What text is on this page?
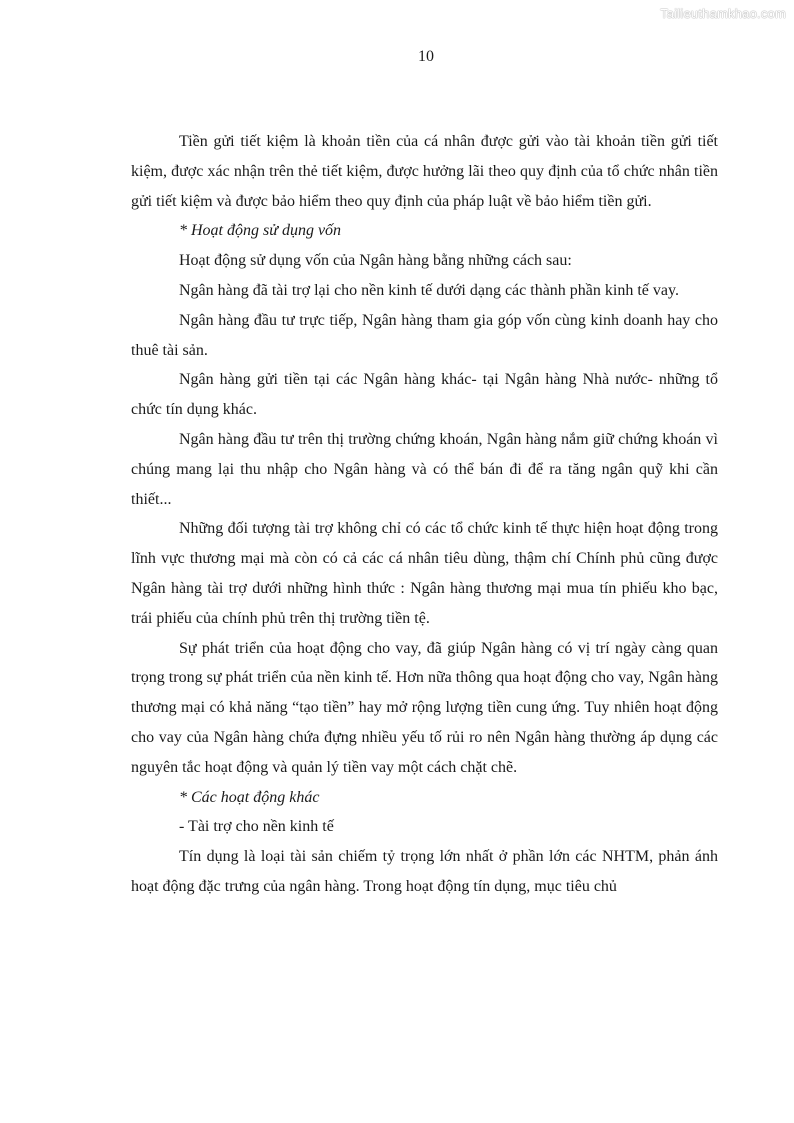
Tailieuthamkhao.com
10

Tiền gửi tiết kiệm là khoản tiền của cá nhân được gửi vào tài khoản tiền gửi tiết kiệm, được xác nhận trên thẻ tiết kiệm, được hưởng lãi theo quy định của tổ chức nhân tiền gửi tiết kiệm và được bảo hiểm theo quy định của pháp luật về bảo hiểm tiền gửi.

* Hoạt động sử dụng vốn

Hoạt động sử dụng vốn của Ngân hàng bằng những cách sau:

Ngân hàng đã tài trợ lại cho nền kinh tế dưới dạng các thành phần kinh tế vay.

Ngân hàng đầu tư trực tiếp, Ngân hàng tham gia góp vốn cùng kinh doanh hay cho thuê tài sản.

Ngân hàng gửi tiền tại các Ngân hàng khác- tại Ngân hàng Nhà nước- những tổ chức tín dụng khác.

Ngân hàng đầu tư trên thị trường chứng khoán, Ngân hàng nắm giữ chứng khoán vì chúng mang lại thu nhập cho Ngân hàng và có thể bán đi để ra tăng ngân quỹ khi cần thiết...

Những đối tượng tài trợ không chỉ có các tổ chức kinh tế thực hiện hoạt động trong lĩnh vực thương mại mà còn có cả các cá nhân tiêu dùng, thậm chí Chính phủ cũng được Ngân hàng tài trợ dưới những hình thức : Ngân hàng thương mại mua tín phiếu kho bạc, trái phiếu của chính phủ trên thị trường tiền tệ.

Sự phát triển của hoạt động cho vay, đã giúp Ngân hàng có vị trí ngày càng quan trọng trong sự phát triển của nền kinh tế. Hơn nữa thông qua hoạt động cho vay, Ngân hàng thương mại có khả năng “tạo tiền” hay mở rộng lượng tiền cung ứng. Tuy nhiên hoạt động cho vay của Ngân hàng chứa đựng nhiều yếu tố rủi ro nên Ngân hàng thường áp dụng các nguyên tắc hoạt động và quản lý tiền vay một cách chặt chẽ.

* Các hoạt động khác

- Tài trợ cho nền kinh tế

Tín dụng là loại tài sản chiếm tỷ trọng lớn nhất ở phần lớn các NHTM, phản ánh hoạt động đặc trưng của ngân hàng. Trong hoạt động tín dụng, mục tiêu chủ
